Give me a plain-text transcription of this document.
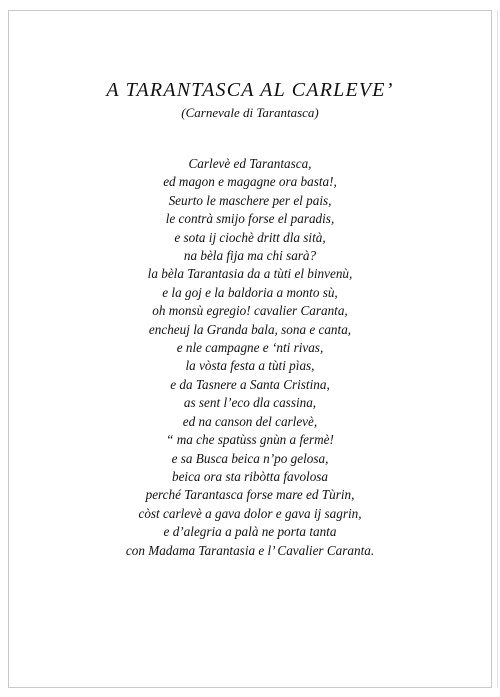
A TARANTASCA AL CARLEVE’

(Carnevale di Tarantasca)

Carlevè ed Tarantasca,
ed magon e magagne ora basta!,
Seurto le maschere per el pais,
le contrà smijo forse el paradis,
e sota ij ciochè dritt dla sità,
na bèla fija ma chi sarà?
la bèla Tarantasia da a tùti el binvenù,
e la goj e la baldoria a monto sù,
oh monsù egregio! cavalier Caranta,
encheuj la Granda bala, sona e canta,
e nle campagne e ‘nti rivas,
la vòsta festa a tùti pìas,
e da Tasnere a Santa Cristina,
as sent l’eco dla cassina,
ed na canson del carlevè,
“ ma che spatùss gnùn a fermè!
e sa Busca beica n’po gelosa,
beica ora sta ribòtta favolosa
perché Tarantasca forse mare ed Tùrin,
còst carlevè a gava dolor e gava ij sagrin,
e d’alegria a palà ne porta tanta
con Madama Tarantasia e l’ Cavalier Caranta.
